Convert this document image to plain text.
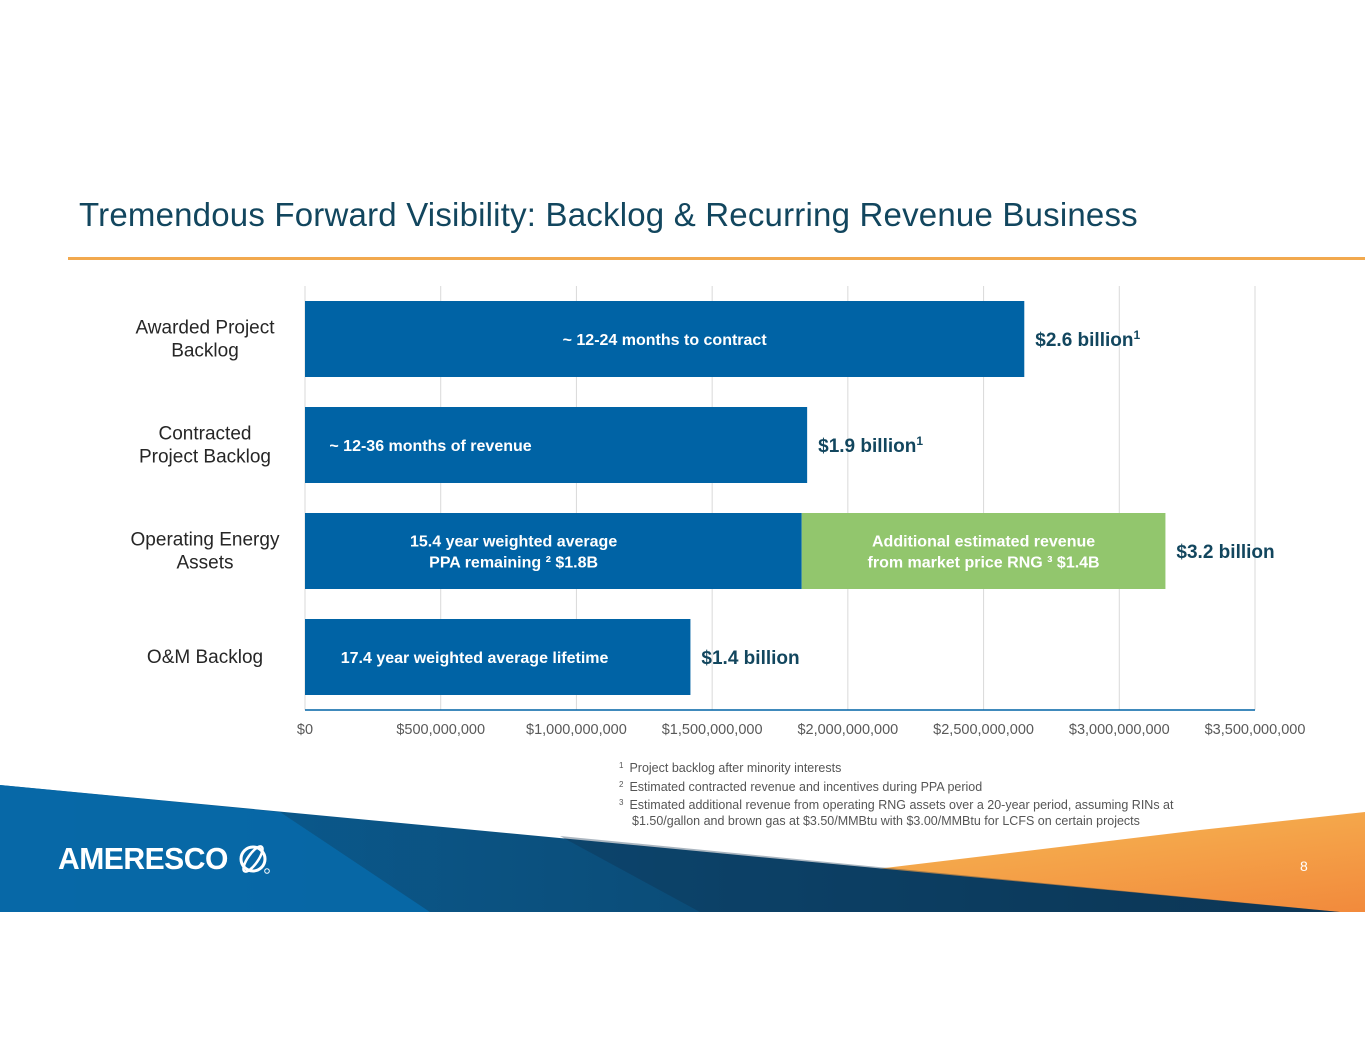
Tremendous Forward Visibility: Backlog & Recurring Revenue Business
$0	$500,000,000	$1,000,000,000 $1,500,000,000 $2,000,000,000 $2,500,000,000 $3,000,000,000 $3,500,000,000
Awarded Project Backlog
Contracted Project Backlog
Operating Energy Assets
O&M Backlog
~ 12-24 months to contract	$2.6 billion$^1$
~ 12-36 months of revenue	$1.9 billion$^1$
15.4 year weighted average PPA remaining ² $1.8B
Additional estimated revenue from market price RNG ³ $1.4B	$3.2 billion
17.4 year weighted average lifetime	$1.4 billion
$^1$ Project backlog after minority interests
$^2$ Estimated contracted revenue and incentives during PPA period
$^3$ Estimated additional revenue from operating RNG assets over a 20-year period, assuming RINs at
$1.50/gallon and brown gas at $3.50/MMBtu with $3.00/MMBtu for LCFS on certain projects
AMERESCO	8
